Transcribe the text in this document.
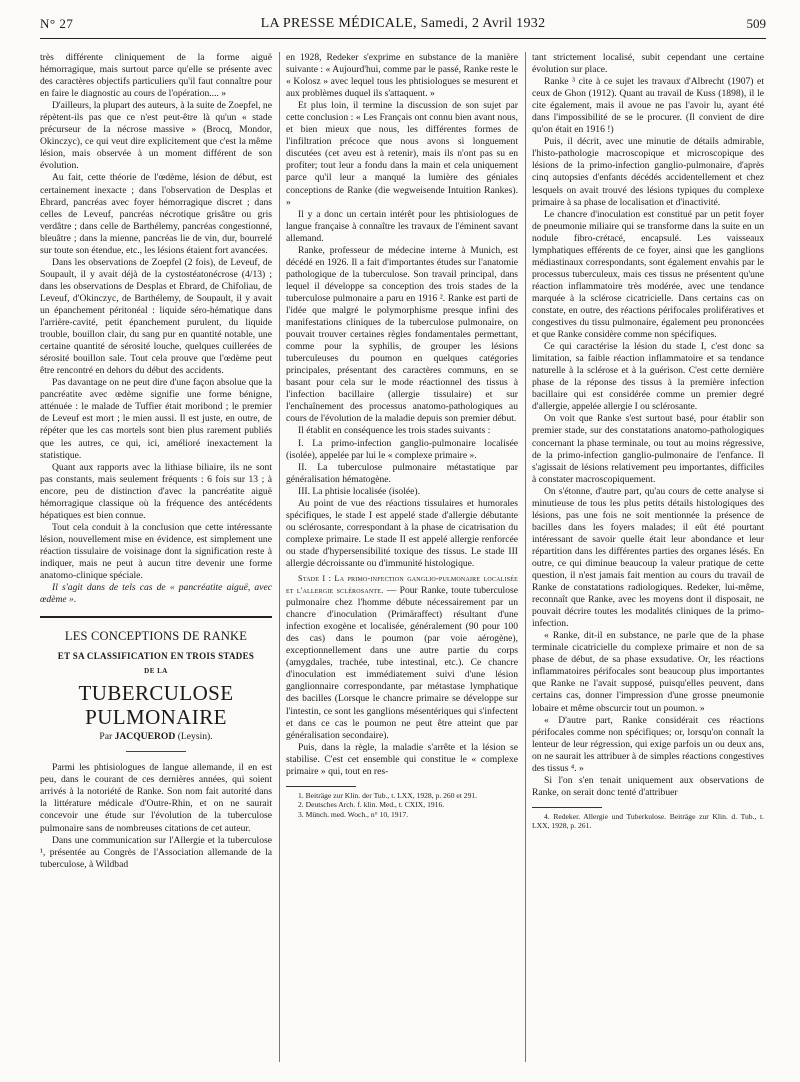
N° 27	LA PRESSE MÉDICALE, Samedi, 2 Avril 1932	509

très différente cliniquement de la forme aiguë hémorragique, mais surtout parce qu'elle se présente avec des caractères objectifs particuliers qu'il faut connaître pour en faire le diagnostic au cours de l'opération.... »

D'ailleurs, la plupart des auteurs, à la suite de Zoepfel, ne répètent-ils pas que ce n'est peut-être là qu'un « stade précurseur de la nécrose massive » (Brocq, Mondor, Okinczyc), ce qui veut dire explicitement que c'est la même lésion, mais observée à un moment différent de son évolution.

Au fait, cette théorie de l'œdème, lésion de début, est certainement inexacte ; dans l'observation de Desplas et Ebrard, pancréas avec foyer hémorragique discret ; dans celles de Leveuf, pancréas nécrotique grisâtre ou gris verdâtre ; dans celle de Barthélemy, pancréas congestionné, bleuâtre ; dans la mienne, pancréas lie de vin, dur, bourrelé sur toute son étendue, etc., les lésions étaient fort avancées.

Dans les observations de Zoepfel (2 fois), de Leveuf, de Soupault, il y avait déjà de la cystostéatonécrose (4/13) ; dans les observations de Desplas et Ebrard, de Chifoliau, de Leveuf, d'Okinczyc, de Barthélemy, de Soupault, il y avait un épanchement péritonéal : liquide séro-hématique dans l'arrière-cavité, petit épanchement purulent, du liquide trouble, bouillon clair, du sang pur en quantité notable, une certaine quantité de sérosité louche, quelques cuillerées de sérosité bouillon sale. Tout cela prouve que l'œdème peut être rencontré en dehors du début des accidents.

Pas davantage on ne peut dire d'une façon absolue que la pancréatite avec œdème signifie une forme bénigne, atténuée : le malade de Tuffier était moribond ; le premier de Leveuf est mort ; le mien aussi. Il est juste, en outre, de répéter que les cas mortels sont bien plus rarement publiés que les autres, ce qui, ici, amélioré inexactement la statistique.

Quant aux rapports avec la lithiase biliaire, ils ne sont pas constants, mais seulement fréquents : 6 fois sur 13 ; à encore, peu de distinction d'avec la pancréatite aiguë hémorragique classique où la fréquence des antécédents hépatiques est bien connue.

Tout cela conduit à la conclusion que cette intéressante lésion, nouvellement mise en évidence, est simplement une réaction tissulaire de voisinage dont la signification reste à indiquer, mais ne peut à aucun titre devenir une forme anatomo-clinique spéciale.

Il s'agit dans de tels cas de « pancréatite aiguë, avec œdème ».

LES CONCEPTIONS DE RANKE
ET SA CLASSIFICATION EN TROIS STADES
DE LA
TUBERCULOSE PULMONAIRE
Par JACQUEROD (Leysin).

Parmi les phtisiologues de langue allemande, il en est peu, dans le courant de ces dernières années, qui soient arrivés à la notoriété de Ranke. Son nom fait autorité dans la littérature médicale d'Outre-Rhin, et on ne saurait concevoir une étude sur l'évolution de la tuberculose pulmonaire sans de nombreuses citations de cet auteur.

Dans une communication sur l'Allergie et la tuberculose ¹, présentée au Congrès de l'Association allemande de la tuberculose, à Wildbad

en 1928, Redeker s'exprime en substance de la manière suivante : « Aujourd'hui, comme par le passé, Ranke reste le « Kolosz » avec lequel tous les phtisiologues se mesurent et aux problèmes duquel ils s'attaquent. »

Et plus loin, il termine la discussion de son sujet par cette conclusion : « Les Français ont connu bien avant nous, et bien mieux que nous, les différentes formes de l'infiltration précoce que nous avons si longuement discutées (cet aveu est à retenir), mais ils n'ont pas su en profiter; tout leur a fondu dans la main et cela uniquement parce qu'il leur a manqué la lumière des géniales conceptions de Ranke (die wegweisende Intuition Rankes). »

Il y a donc un certain intérêt pour les phtisiologues de langue française à connaître les travaux de l'éminent savant allemand.

Ranke, professeur de médecine interne à Munich, est décédé en 1926. Il a fait d'importantes études sur l'anatomie pathologique de la tuberculose. Son travail principal, dans lequel il développe sa conception des trois stades de la tuberculose pulmonaire a paru en 1916 ². Ranke est parti de l'idée que malgré le polymorphisme presque infini des manifestations cliniques de la tuberculose pulmonaire, on pouvait trouver certaines règles fondamentales permettant, comme pour la syphilis, de grouper les lésions tuberculeuses du poumon en quelques catégories principales, présentant des caractères communs, en se basant pour cela sur le mode réactionnel des tissus à l'infection bacillaire (allergie tissulaire) et sur l'enchaînement des processus anatomo-pathologiques au cours de l'évolution de la maladie depuis son premier début.

Il établit en conséquence les trois stades suivants :

I. La primo-infection ganglio-pulmonaire localisée (isolée), appelée par lui le « complexe primaire ».

II. La tuberculose pulmonaire métastatique par généralisation hématogène.

III. La phtisie localisée (isolée).

Au point de vue des réactions tissulaires et humorales spécifiques, le stade I est appelé stade d'allergie débutante ou sclérosante, correspondant à la phase de cicatrisation du complexe primaire. Le stade II est appelé allergie renforcée ou stade d'hypersensibilité toxique des tissus. Le stade III allergie décroissante ou d'immunité histologique.

Stade I : La primo-infection ganglio-pulmonaire localisée et l'allergie sclérosante. — Pour Ranke, toute tuberculose pulmonaire chez l'homme débute nécessairement par un chancre d'inoculation (Primäraffect) résultant d'une infection exogène et localisée, généralement (90 pour 100 des cas) dans le poumon (par voie aérogène), exceptionnellement dans une autre partie du corps (amygdales, trachée, tube intestinal, etc.). Ce chancre d'inoculation est immédiatement suivi d'une lésion ganglionnaire correspondante, par métastase lymphatique des bacilles (Lorsque le chancre primaire se développe sur l'intestin, ce sont les ganglions mésentériques qui s'infectent et dans ce cas le poumon ne peut être atteint que par généralisation secondaire).

Puis, dans la règle, la maladie s'arrête et la lésion se stabilise. C'est cet ensemble qui constitue le « complexe primaire » qui, tout en res-

1. Beiträge zur Klin. der Tub., t. LXX, 1928, p. 260 et 291.

2. Deutsches Arch. f. klin. Med., t. CXIX, 1916.

3. Münch. med. Woch., n° 10, 1917.

tant strictement localisé, subit cependant une certaine évolution sur place.

Ranke ³ cite à ce sujet les travaux d'Albrecht (1907) et ceux de Ghon (1912). Quant au travail de Kuss (1898), il le cite également, mais il avoue ne pas l'avoir lu, ayant été dans l'impossibilité de se le procurer. (Il convient de dire qu'on était en 1916 !)

Puis, il décrit, avec une minutie de détails admirable, l'histo-pathologie macroscopique et microscopique des lésions de la primo-infection ganglio-pulmonaire, d'après cinq autopsies d'enfants décédés accidentellement et chez lesquels on avait trouvé des lésions typiques du complexe primaire à sa phase de localisation et d'inactivité.

Le chancre d'inoculation est constitué par un petit foyer de pneumonie miliaire qui se transforme dans la suite en un nodule fibro-crétacé, encapsulé. Les vaisseaux lymphatiques efférents de ce foyer, ainsi que les ganglions médiastinaux correspondants, sont également envahis par le processus tuberculeux, mais ces tissus ne présentent qu'une réaction inflammatoire très modérée, avec une tendance marquée à la sclérose cicatricielle. Dans certains cas on constate, en outre, des réactions périfocales prolifératives et congestives du tissu pulmonaire, également peu prononcées et que Ranke considère comme non spécifiques.

Ce qui caractérise la lésion du stade I, c'est donc sa limitation, sa faible réaction inflammatoire et sa tendance naturelle à la sclérose et à la guérison. C'est cette dernière phase de la réponse des tissus à la première infection bacillaire qui est considérée comme un premier degré d'allergie, appelée allergie I ou sclérosante.

On voit que Ranke s'est surtout basé, pour établir son premier stade, sur des constatations anatomo-pathologiques concernant la phase terminale, ou tout au moins régressive, de la primo-infection ganglio-pulmonaire de l'enfance. Il s'agissait de lésions relativement peu importantes, difficiles à constater macroscopiquement.

On s'étonne, d'autre part, qu'au cours de cette analyse si minutieuse de tous les plus petits détails histologiques des lésions, pas une fois ne soit mentionnée la présence de bacilles dans les foyers malades; il eût été pourtant intéressant de savoir quelle était leur abondance et leur répartition dans les différentes parties des organes lésés. En outre, ce qui diminue beaucoup la valeur pratique de cette question, il n'est jamais fait mention au cours du travail de Ranke de constatations radiologiques. Redeker, lui-même, reconnaît que Ranke, avec les moyens dont il disposait, ne pouvait décrire toutes les modalités cliniques de la primo-infection.

« Ranke, dit-il en substance, ne parle que de la phase terminale cicatricielle du complexe primaire et non de sa phase de début, de sa phase exsudative. Or, les réactions inflammatoires périfocales sont beaucoup plus importantes que Ranke ne l'avait supposé, puisqu'elles peuvent, dans certains cas, donner l'impression d'une grosse pneumonie lobaire et même obscurcir tout un poumon. »

« D'autre part, Ranke considérait ces réactions périfocales comme non spécifiques; or, lorsqu'on connaît la lenteur de leur régression, qui exige parfois un ou deux ans, on ne saurait les attribuer à de simples réactions congestives des tissus ⁴. »

Si l'on s'en tenait uniquement aux observations de Ranke, on serait donc tenté d'attribuer

4. Redeker. Allergie und Tuberkulose. Beiträge zur Klin. d. Tub., t. LXX, 1928, p. 261.
